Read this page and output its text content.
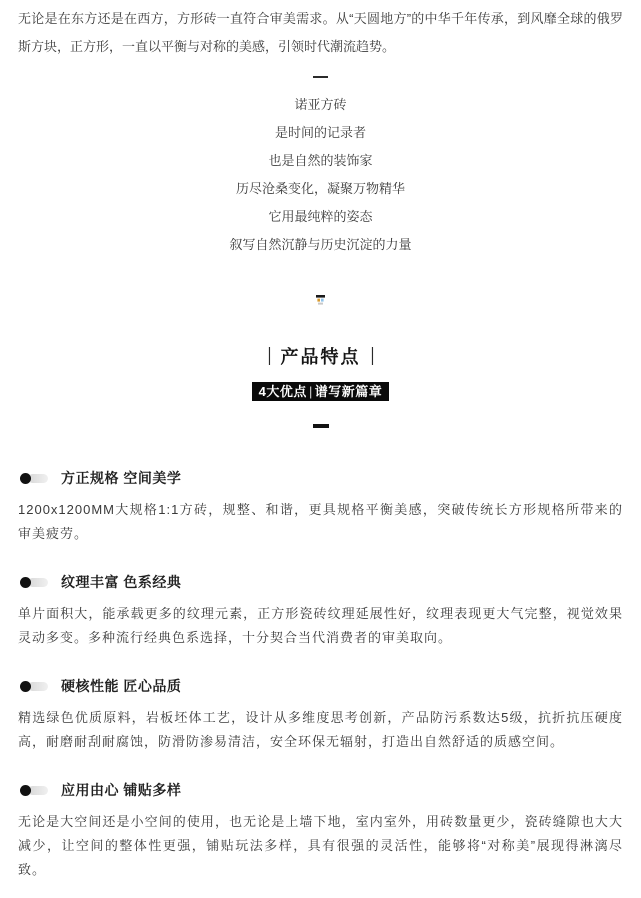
无论是在东方还是在西方，方形砖一直符合审美需求。从“天圆地方”的中华千年传承，到风靡全球的俄罗斯方块，正方形，一直以平衡与对称的美感，引领时代潮流趋势。

诺亚方砖
是时间的记录者
也是自然的装饰家
历尽沧桑变化，凝聚万物精华
它用最纯粹的姿态
叙写自然沉静与历史沉淀的力量
| 产品特点 |
4大优点 | 谱写新篇章
方正规格 空间美学

1200x1200MM大规格1:1方砖，规整、和谐，更具规格平衡美感，突破传统长方形规格所带来的审美疲劳。

纹理丰富 色系经典

单片面积大，能承载更多的纹理元素，正方形瓷砖纹理延展性好，纹理表现更大气完整，视觉效果灵动多变。多种流行经典色系选择，十分契合当代消费者的审美取向。

硬核性能 匠心品质

精选绿色优质原料，岩板坯体工艺，设计从多维度思考创新，产品防污系数达5级，抗折抗压硬度高，耐磨耐刮耐腐蚀，防滑防渗易清洁，安全环保无辐射，打造出自然舒适的质感空间。

应用由心 铺贴多样

无论是大空间还是小空间的使用，也无论是上墙下地，室内室外，用砖数量更少，瓷砖缝隙也大大减少，让空间的整体性更强，铺贴玩法多样，具有很强的灵活性，能够将“对称美”展现得淋漓尽致。
